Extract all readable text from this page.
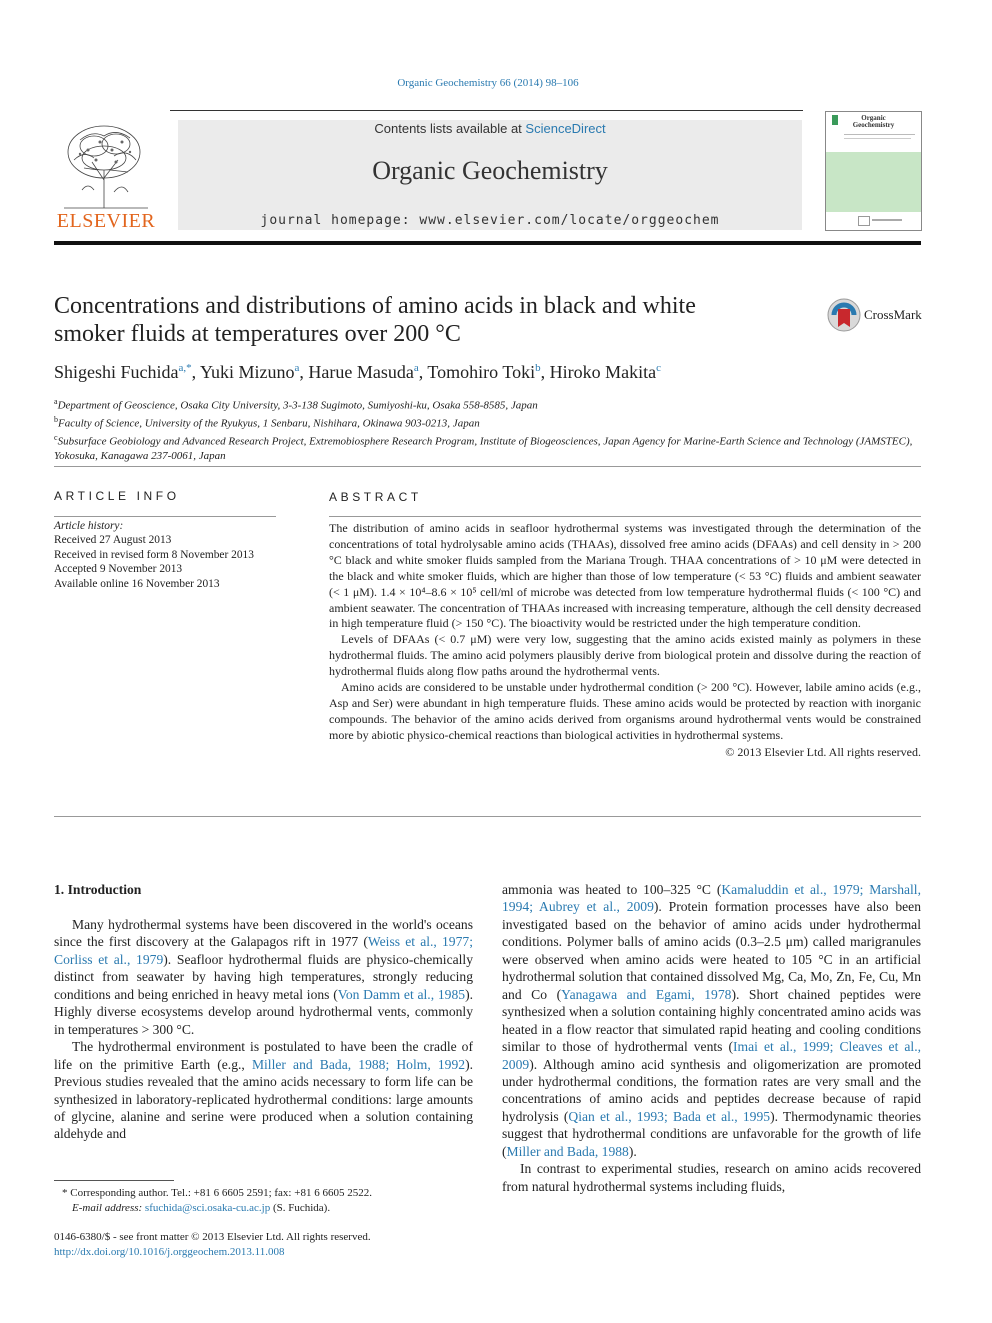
Organic Geochemistry 66 (2014) 98–106
ELSEVIER
Contents lists available at ScienceDirect
Organic Geochemistry
journal homepage: www.elsevier.com/locate/orggeochem
Organic
Geochemistry
Concentrations and distributions of amino acids in black and white
smoker fluids at temperatures over 200 °C
CrossMark
Shigeshi Fuchida$^{a,*}$, Yuki Mizuno$^a$, Harue Masuda$^a$, Tomohiro Toki$^b$, Hiroko Makita$^c$
$^a$Department of Geoscience, Osaka City University, 3-3-138 Sugimoto, Sumiyoshi-ku, Osaka 558-8585, Japan
$^b$Faculty of Science, University of the Ryukyus, 1 Senbaru, Nishihara, Okinawa 903-0213, Japan
$^c$Subsurface Geobiology and Advanced Research Project, Extremobiosphere Research Program, Institute of Biogeosciences, Japan Agency for Marine-Earth Science and Technology (JAMSTEC), Yokosuka, Kanagawa 237-0061, Japan
ARTICLE INFO
Article history:
Received 27 August 2013
Received in revised form 8 November 2013
Accepted 9 November 2013
Available online 16 November 2013
ABSTRACT

The distribution of amino acids in seafloor hydrothermal systems was investigated through the determination of the concentrations of total hydrolysable amino acids (THAAs), dissolved free amino acids (DFAAs) and cell density in > 200 °C black and white smoker fluids sampled from the Mariana Trough. THAA concentrations of > 10 μM were detected in the black and white smoker fluids, which are higher than those of low temperature (< 53 °C) fluids and ambient seawater (< 1 μM). 1.4 × 10⁴–8.6 × 10⁵ cell/ml of microbe was detected from low temperature hydrothermal fluids (< 100 °C) and ambient seawater. The concentration of THAAs increased with increasing temperature, although the cell density decreased in high temperature fluid (> 150 °C). The bioactivity would be restricted under the high temperature condition.

Levels of DFAAs (< 0.7 μM) were very low, suggesting that the amino acids existed mainly as polymers in these hydrothermal fluids. The amino acid polymers plausibly derive from biological protein and dissolve during the reaction of hydrothermal fluids along flow paths around the hydrothermal vents.

Amino acids are considered to be unstable under hydrothermal condition (> 200 °C). However, labile amino acids (e.g., Asp and Ser) were abundant in high temperature fluids. These amino acids would be protected by reaction with inorganic compounds. The behavior of the amino acids derived from organisms around hydrothermal vents would be constrained more by abiotic physico-chemical reactions than biological activities in hydrothermal systems.

© 2013 Elsevier Ltd. All rights reserved.
1. Introduction

Many hydrothermal systems have been discovered in the world's oceans since the first discovery at the Galapagos rift in 1977 (Weiss et al., 1977; Corliss et al., 1979). Seafloor hydrothermal fluids are physico-chemically distinct from seawater by having high temperatures, strongly reducing conditions and being enriched in heavy metal ions (Von Damm et al., 1985). Highly diverse ecosystems develop around hydrothermal vents, commonly in temperatures > 300 °C.

The hydrothermal environment is postulated to have been the cradle of life on the primitive Earth (e.g., Miller and Bada, 1988; Holm, 1992). Previous studies revealed that the amino acids necessary to form life can be synthesized in laboratory-replicated hydrothermal conditions: large amounts of glycine, alanine and serine were produced when a solution containing aldehyde and

ammonia was heated to 100–325 °C (Kamaluddin et al., 1979; Marshall, 1994; Aubrey et al., 2009). Protein formation processes have also been investigated based on the behavior of amino acids under hydrothermal conditions. Polymer balls of amino acids (0.3–2.5 μm) called marigranules were observed when amino acids were heated to 105 °C in an artificial hydrothermal solution that contained dissolved Mg, Ca, Mo, Zn, Fe, Cu, Mn and Co (Yanagawa and Egami, 1978). Short chained peptides were synthesized when a solution containing highly concentrated amino acids was heated in a flow reactor that simulated rapid heating and cooling conditions similar to those of hydrothermal vents (Imai et al., 1999; Cleaves et al., 2009). Although amino acid synthesis and oligomerization are promoted under hydrothermal conditions, the formation rates are very small and the concentrations of amino acids and peptides decrease because of rapid hydrolysis (Qian et al., 1993; Bada et al., 1995). Thermodynamic theories suggest that hydrothermal conditions are unfavorable for the growth of life (Miller and Bada, 1988).

In contrast to experimental studies, research on amino acids recovered from natural hydrothermal systems including fluids,

* Corresponding author. Tel.: +81 6 6605 2591; fax: +81 6 6605 2522.
E-mail address: sfuchida@sci.osaka-cu.ac.jp (S. Fuchida).
0146-6380/$ - see front matter © 2013 Elsevier Ltd. All rights reserved.
http://dx.doi.org/10.1016/j.orggeochem.2013.11.008
